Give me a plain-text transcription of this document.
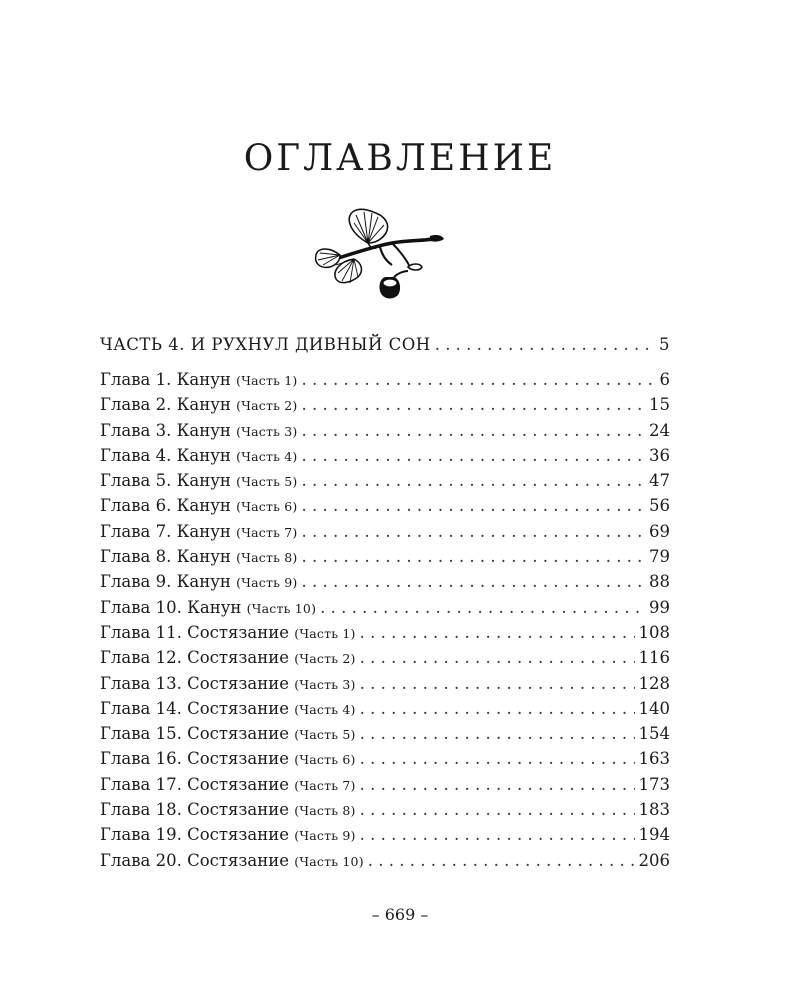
ОГЛАВЛЕНИЕ
ЧАСТЬ 4. И РУХНУЛ ДИВНЫЙ СОН . . .	5
Глава 1. Канун (Часть 1) . . .	6
Глава 2. Канун (Часть 2) . . .	15
Глава 3. Канун (Часть 3) . . .	24
Глава 4. Канун (Часть 4) . . .	36
Глава 5. Канун (Часть 5) . . .	47
Глава 6. Канун (Часть 6) . . .	56
Глава 7. Канун (Часть 7) . . .	69
Глава 8. Канун (Часть 8) . . .	79
Глава 9. Канун (Часть 9) . . .	88
Глава 10. Канун (Часть 10) . . .	99
Глава 11. Состязание (Часть 1) . . .	108
Глава 12. Состязание (Часть 2) . . .	116
Глава 13. Состязание (Часть 3) . . .	128
Глава 14. Состязание (Часть 4) . . .	140
Глава 15. Состязание (Часть 5) . . .	154
Глава 16. Состязание (Часть 6) . . .	163
Глава 17. Состязание (Часть 7) . . .	173
Глава 18. Состязание (Часть 8) . . .	183
Глава 19. Состязание (Часть 9) . . .	194
Глава 20. Состязание (Часть 10) . . .	206
– 669 –
